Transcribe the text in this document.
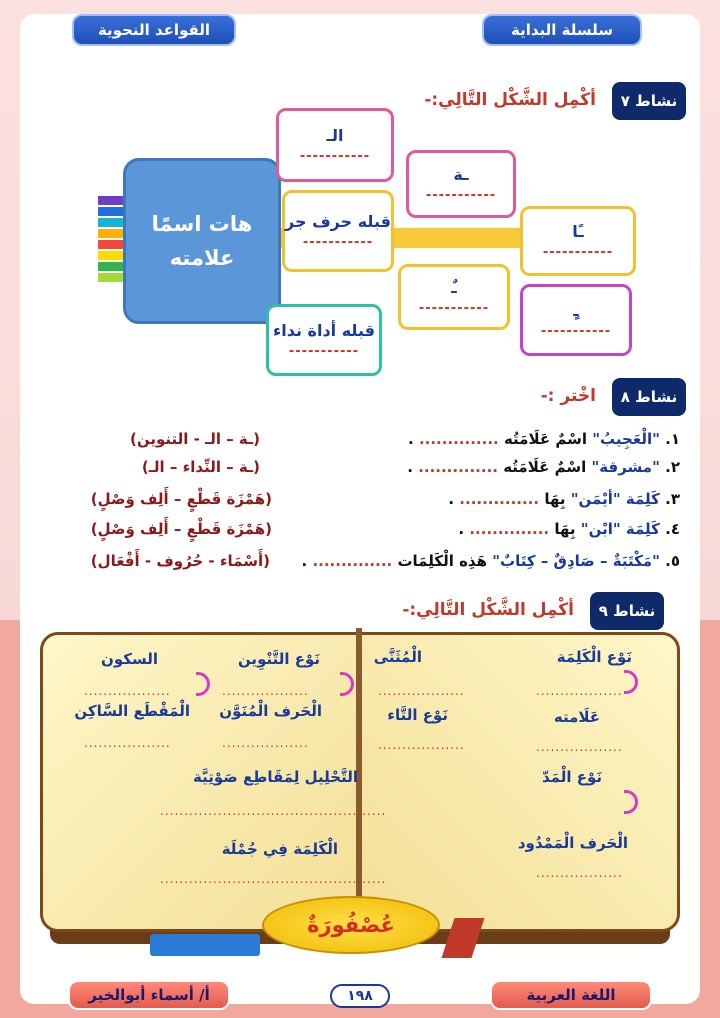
القواعد النحوية	سلسلة البداية
نشاط ٧
أكْمِل الشَّكْل التَّالِي:-
هات اسمًا
علامته
الـ
-----------
ـة
-----------
قبله حرف جر
-----------
ـًا
-----------
ـٌ
-----------	ـٍ
-----------
قبله أداة نداء
-----------
نشاط ٨
اخْتر :-
١. "الْعَجِيبُ" اسْمٌ عَلَامَتُه .............. .
(ـة – الـ - التنوين)
٢. "مشرقة" اسْمٌ عَلَامَتُه .............. .
(ـة – النِّداء – الـ)
٣. كَلِمَة "أيْمَن" بِهَا .............. .
(هَمْزَة قَطْعٍ – أَلِف وَصْلٍ)
٤. كَلِمَة "ابْن" بِهَا .............. .
(هَمْزَة قَطْعٍ – أَلِف وَصْلٍ)
٥. "مَكْتَبَةٌ – صَادِقٌ – كِتَابٌ" هَذِه الْكَلِمَات .............. .
(أَسْمَاء - حُرُوف - أَفْعَال)
نشاط ٩
أكْمِل الشَّكْل التَّالِي:-
نَوْع الْكَلِمَة
..................
عَلَامته
..................
نَوْع الْمَدّ
الْحَرف الْمَمْدُود
..................
الْمُثَنَّى
..................
نَوْع التَّاء
..................
نَوْع التَّنْوِين
..................
الْحَرف الْمُنَوَّن
..................
السكون
..................
الْمَقْطَع السَّاكِن
..................
التَّحْلِيل لِمَقَاطِع صَوْتِيَّة
...............................................
الْكَلِمَة فِي جُمْلَة
...............................................
عُصْفُورَةٌ
أ/ أسماء أبوالخير	١٩٨	اللغة العربية
